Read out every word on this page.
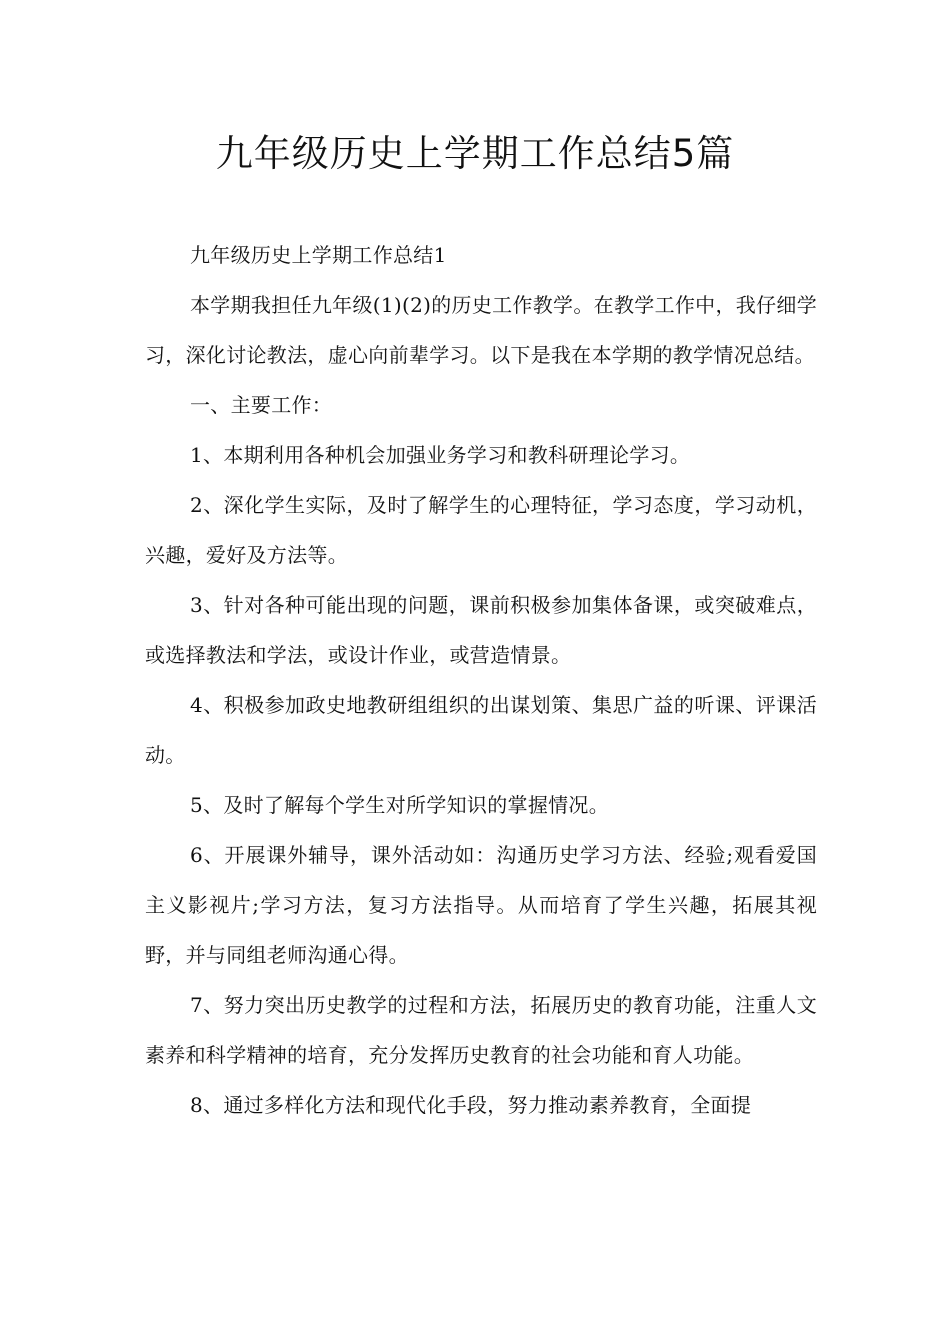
九年级历史上学期工作总结5篇

九年级历史上学期工作总结1

本学期我担任九年级(1)(2)的历史工作教学。在教学工作中，我仔细学习，深化讨论教法，虚心向前辈学习。以下是我在本学期的教学情况总结。

一、主要工作：

1、本期利用各种机会加强业务学习和教科研理论学习。

2、深化学生实际，及时了解学生的心理特征，学习态度，学习动机，兴趣，爱好及方法等。

3、针对各种可能出现的问题，课前积极参加集体备课，或突破难点，或选择教法和学法，或设计作业，或营造情景。

4、积极参加政史地教研组组织的出谋划策、集思广益的听课、评课活动。

5、及时了解每个学生对所学知识的掌握情况。

6、开展课外辅导，课外活动如：沟通历史学习方法、经验;观看爱国主义影视片;学习方法，复习方法指导。从而培育了学生兴趣，拓展其视野，并与同组老师沟通心得。

7、努力突出历史教学的过程和方法，拓展历史的教育功能，注重人文素养和科学精神的培育，充分发挥历史教育的社会功能和育人功能。

8、通过多样化方法和现代化手段，努力推动素养教育，全面提
